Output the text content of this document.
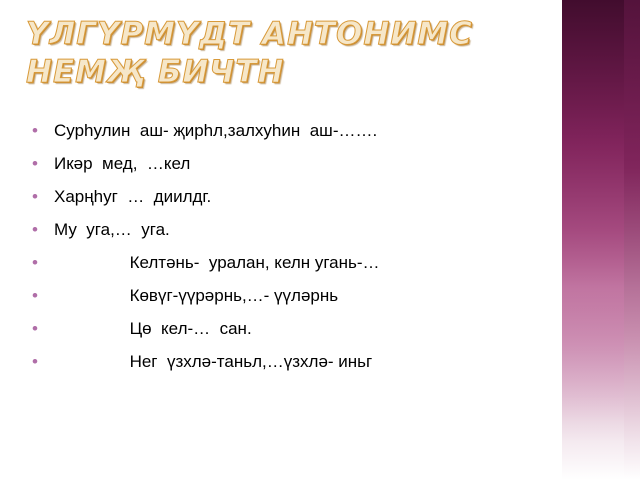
ҮЛГҮРМҮДТ АНТОНИМС НЕМҖ БИЧТН
• Сурһулин  аш- җирһл,залхуһин  аш-…….
• Икәр  мед,  …кел
• Харңһуг  …  диилдг.
• Му  уга,…  уга.
• Келтәнь-  уралан, келн угань-…
• Көвүг-үүрәрнь,…- үүләрнь
• Цө  кел-…  сан.
• Нег  үзхлә-таньл,…үзхлә- иньг
